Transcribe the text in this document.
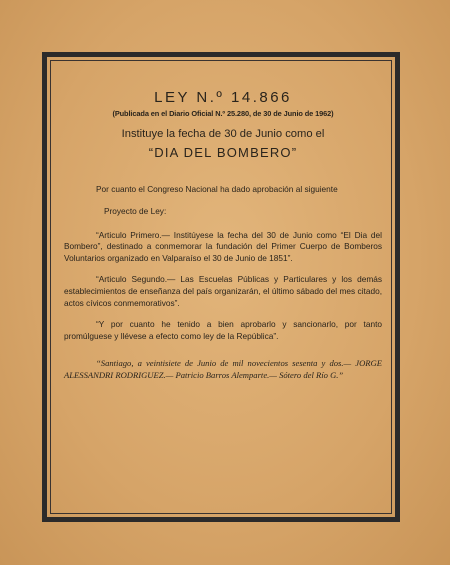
LEY N.º 14.866
(Publicada en el Diario Oficial N.º 25.280, de 30 de Junio de 1962)
Instituye la fecha de 30 de Junio como el
“DIA DEL BOMBERO”
Por cuanto el Congreso Nacional ha dado aprobación al siguiente
Proyecto de Ley:
“Articulo Primero.— Institúyese la fecha del 30 de Junio como “El Dia del Bombero”, destinado a conmemorar la fundación del Primer Cuerpo de Bomberos Voluntarios organizado en Valparaíso el 30 de Junio de 1851”.
“Articulo Segundo.— Las Escuelas Públicas y Particulares y los demás establecimientos de enseñanza del país organizarán, el último sábado del mes citado, actos cívicos conmemorativos”.
“Y por cuanto he tenido a bien aprobarlo y sancionarlo, por tanto promúlguese y llévese a efecto como ley de la República”.
“Santiago, a veintisiete de Junio de mil novecientos sesenta y dos.— JORGE ALESSANDRI RODRIGUEZ.— Patricio Barros Alemparte.— Sótero del Río G.”
